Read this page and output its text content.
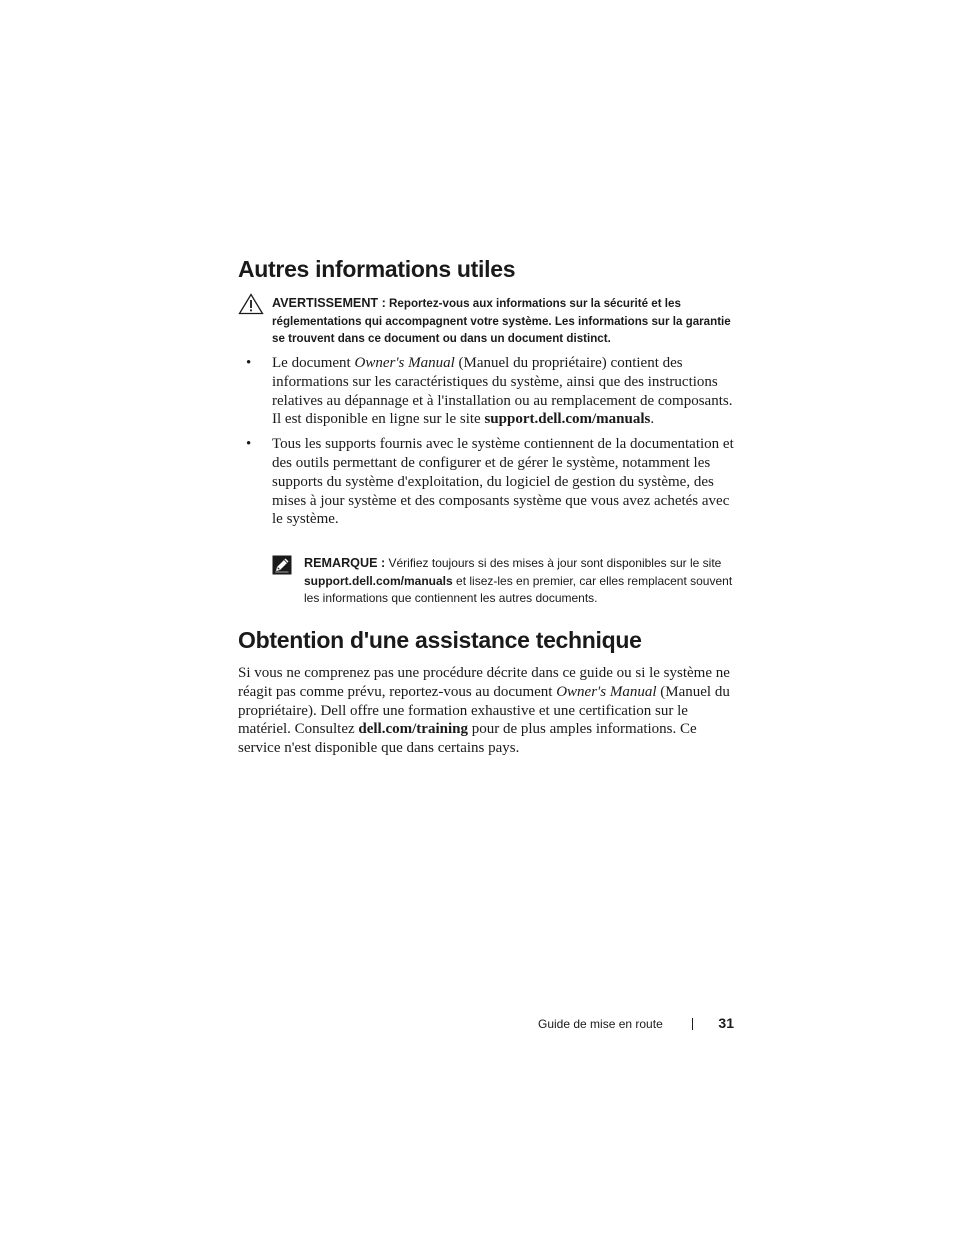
Autres informations utiles
AVERTISSEMENT : Reportez-vous aux informations sur la sécurité et les réglementations qui accompagnent votre système. Les informations sur la garantie se trouvent dans ce document ou dans un document distinct.
• Le document Owner's Manual (Manuel du propriétaire) contient des informations sur les caractéristiques du système, ainsi que des instructions relatives au dépannage et à l'installation ou au remplacement de composants. Il est disponible en ligne sur le site support.dell.com/manuals.
• Tous les supports fournis avec le système contiennent de la documentation et des outils permettant de configurer et de gérer le système, notamment les supports du système d'exploitation, du logiciel de gestion du système, des mises à jour système et des composants système que vous avez achetés avec le système.
REMARQUE : Vérifiez toujours si des mises à jour sont disponibles sur le site support.dell.com/manuals et lisez-les en premier, car elles remplacent souvent les informations que contiennent les autres documents.
Obtention d'une assistance technique

Si vous ne comprenez pas une procédure décrite dans ce guide ou si le système ne réagit pas comme prévu, reportez-vous au document Owner's Manual (Manuel du propriétaire). Dell offre une formation exhaustive et une certification sur le matériel. Consultez dell.com/training pour de plus amples informations. Ce service n'est disponible que dans certains pays.

Guide de mise en route	31
